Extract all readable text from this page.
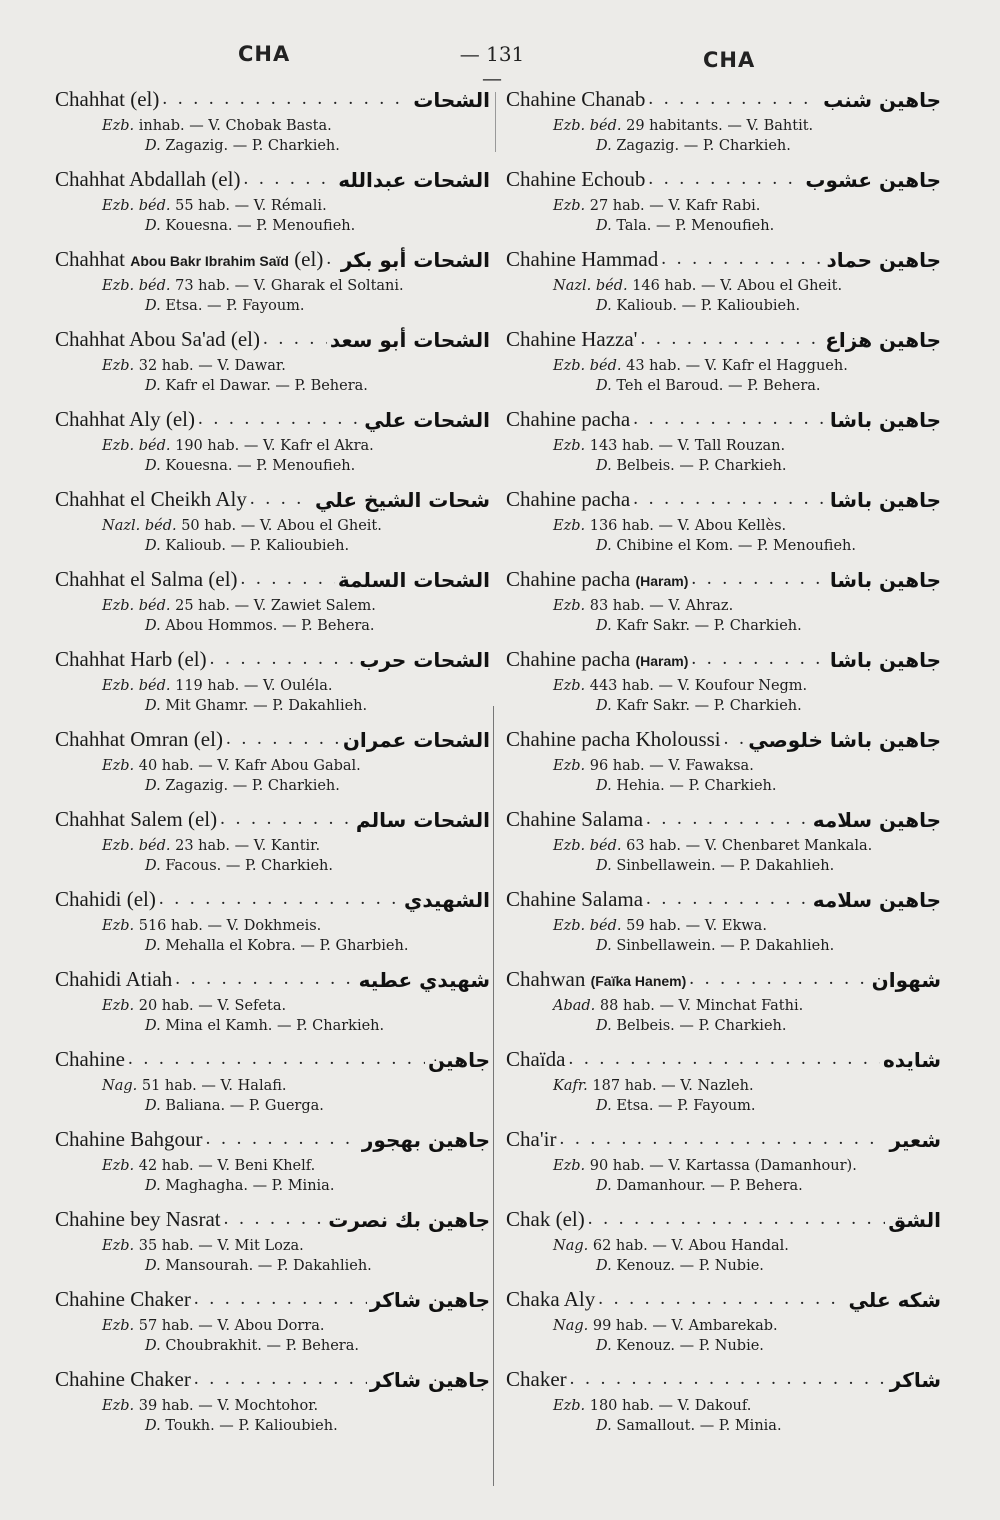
CHA	— 131 —
CHA
Chahhat (el) . . .	الشحات
Ezb. inhab. — V. Chobak Basta.
D. Zagazig. — P. Charkieh.
Chahhat Abdallah (el) . . .	الشحات عبدالله
Ezb. béd. 55 hab. — V. Rémali.
D. Kouesna. — P. Menoufieh.
Chahhat Abou Bakr Ibrahim Saïd (el) . . . الشحات أبو بكر
Ezb. béd. 73 hab. — V. Gharak el Soltani.
D. Etsa. — P. Fayoum.
Chahhat Abou Sa'ad (el) . . .	الشحات أبو سعد
Ezb. 32 hab. — V. Dawar.
D. Kafr el Dawar. — P. Behera.
Chahhat Aly (el) . . .	الشحات علي
Ezb. béd. 190 hab. — V. Kafr el Akra.
D. Kouesna. — P. Menoufieh.
Chahhat el Cheikh Aly . . .	شحات الشيخ علي
Nazl. béd. 50 hab. — V. Abou el Gheit.
D. Kalioub. — P. Kalioubieh.
Chahhat el Salma (el) . . .	الشحات السلمة
Ezb. béd. 25 hab. — V. Zawiet Salem.
D. Abou Hommos. — P. Behera.
Chahhat Harb (el) . . .	الشحات حرب
Ezb. béd. 119 hab. — V. Ouléla.
D. Mit Ghamr. — P. Dakahlieh.
Chahhat Omran (el) . . .	الشحات عمران
Ezb. 40 hab. — V. Kafr Abou Gabal.
D. Zagazig. — P. Charkieh.
Chahhat Salem (el) . . .	الشحات سالم
Ezb. béd. 23 hab. — V. Kantir.
D. Facous. — P. Charkieh.
Chahidi (el) . . .	الشهيدي
Ezb. 516 hab. — V. Dokhmeis.
D. Mehalla el Kobra. — P. Gharbieh.
Chahidi Atiah . . .	شهيدي عطيه
Ezb. 20 hab. — V. Sefeta.
D. Mina el Kamh. — P. Charkieh.
Chahine . . .	جاهين
Nag. 51 hab. — V. Halafi.
D. Baliana. — P. Guerga.
Chahine Bahgour . . .	جاهين بهجور
Ezb. 42 hab. — V. Beni Khelf.
D. Maghagha. — P. Minia.
Chahine bey Nasrat . . .	جاهين بك نصرت
Ezb. 35 hab. — V. Mit Loza.
D. Mansourah. — P. Dakahlieh.
Chahine Chaker . . .	جاهين شاكر
Ezb. 57 hab. — V. Abou Dorra.
D. Choubrakhit. — P. Behera.
Chahine Chaker . . .	جاهين شاكر
Ezb. 39 hab. — V. Mochtohor.
D. Toukh. — P. Kalioubieh.
Chahine Chanab . . .	جاهين شنب
Ezb. béd. 29 habitants. — V. Bahtit.
D. Zagazig. — P. Charkieh.
Chahine Echoub . . .	جاهين عشوب
Ezb. 27 hab. — V. Kafr Rabi.
D. Tala. — P. Menoufieh.
Chahine Hammad . . .	جاهين حماد
Nazl. béd. 146 hab. — V. Abou el Gheit.
D. Kalioub. — P. Kalioubieh.
Chahine Hazza' . . .	جاهين هزاع
Ezb. béd. 43 hab. — V. Kafr el Haggueh.
D. Teh el Baroud. — P. Behera.
Chahine pacha . . .	جاهين باشا
Ezb. 143 hab. — V. Tall Rouzan.
D. Belbeis. — P. Charkieh.
Chahine pacha . . .	جاهين باشا
Ezb. 136 hab. — V. Abou Kellès.
D. Chibine el Kom. — P. Menoufieh.
Chahine pacha (Haram) . . .	جاهين باشا
Ezb. 83 hab. — V. Ahraz.
D. Kafr Sakr. — P. Charkieh.
Chahine pacha (Haram) . . .	جاهين باشا
Ezb. 443 hab. — V. Koufour Negm.
D. Kafr Sakr. — P. Charkieh.
Chahine pacha Kholoussi . . . جاهين باشا خلوصي
Ezb. 96 hab. — V. Fawaksa.
D. Hehia. — P. Charkieh.
Chahine Salama . . .	جاهين سلامه
Ezb. béd. 63 hab. — V. Chenbaret Mankala.
D. Sinbellawein. — P. Dakahlieh.
Chahine Salama . . .	جاهين سلامه
Ezb. béd. 59 hab. — V. Ekwa.
D. Sinbellawein. — P. Dakahlieh.
Chahwan (Faïka Hanem) . . .	شهوان
Abad. 88 hab. — V. Minchat Fathi.
D. Belbeis. — P. Charkieh.
Chaïda . . .	شايده
Kafr. 187 hab. — V. Nazleh.
D. Etsa. — P. Fayoum.
Cha'ir . . .	شعير
Ezb. 90 hab. — V. Kartassa (Damanhour).
D. Damanhour. — P. Behera.
Chak (el) . . .	الشق
Nag. 62 hab. — V. Abou Handal.
D. Kenouz. — P. Nubie.
Chaka Aly . . .	شكه علي
Nag. 99 hab. — V. Ambarekab.
D. Kenouz. — P. Nubie.
Chaker . . .	شاكر
Ezb. 180 hab. — V. Dakouf.
D. Samallout. — P. Minia.
